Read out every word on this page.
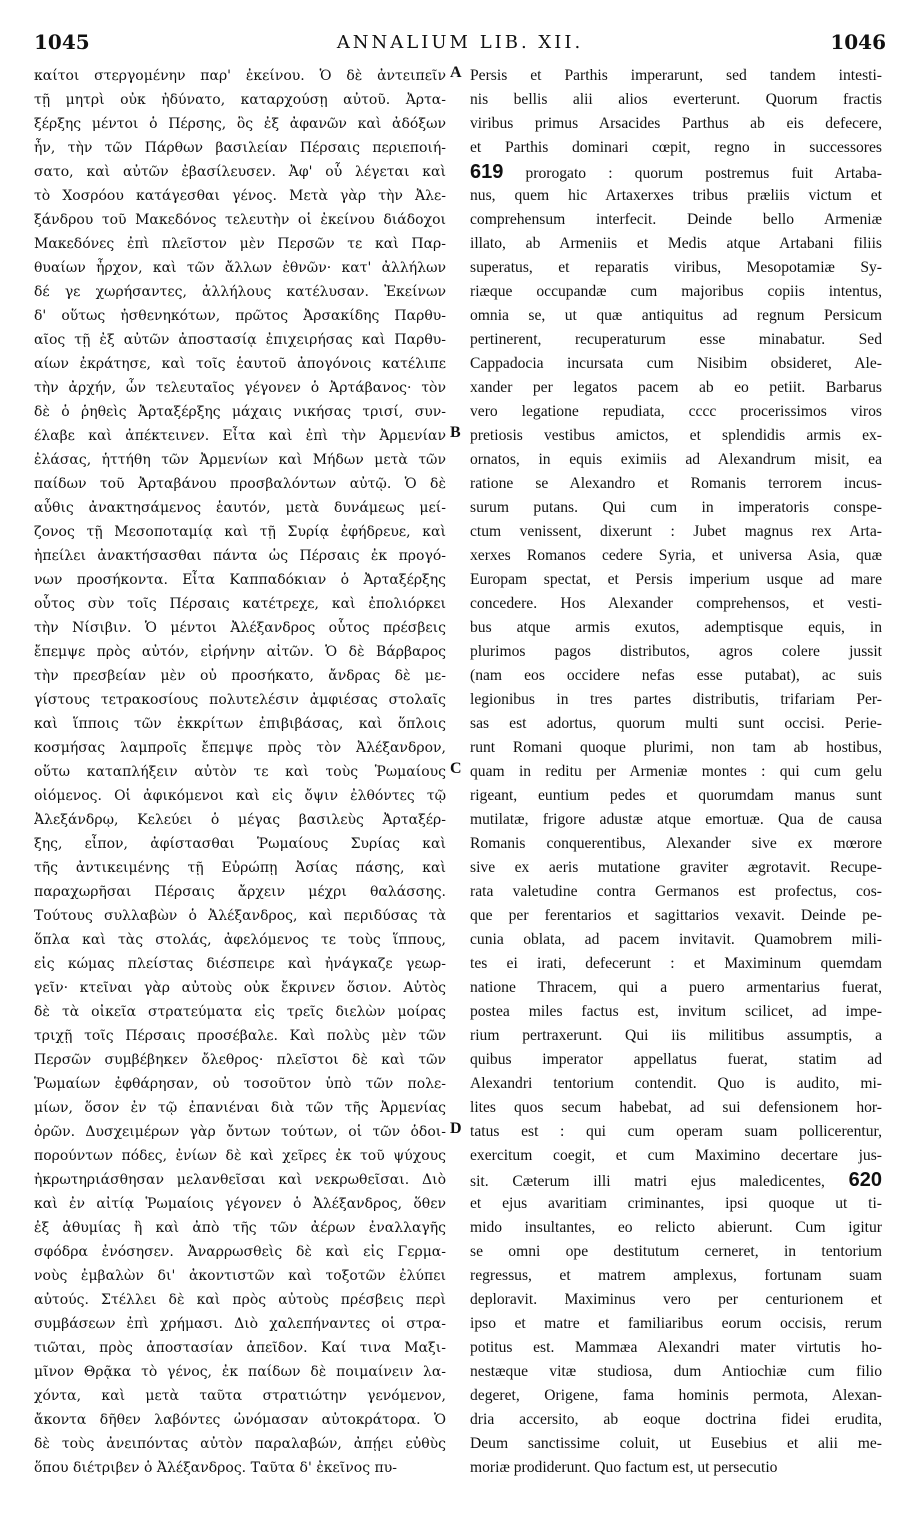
1045	ANNALIUM LIB. XII.	1046
καίτοι στεργομένην παρ' ἐκείνου. Ὁ δὲ ἀντειπεῖν
τῇ μητρὶ οὐκ ἠδύνατο, καταρχούσῃ αὐτοῦ. Ἀρτα-
ξέρξης μέντοι ὁ Πέρσης, ὃς ἐξ ἀφανῶν καὶ ἀδόξων
ἦν, τὴν τῶν Πάρθων βασιλείαν Πέρσαις περιεποιή-
σατο, καὶ αὐτῶν ἐβασίλευσεν. Ἀφ' οὗ λέγεται καὶ
τὸ Χοσρόου κατάγεσθαι γένος. Μετὰ γὰρ τὴν Ἀλε-
ξάνδρου τοῦ Μακεδόνος τελευτὴν οἱ ἐκείνου διάδοχοι
Μακεδόνες ἐπὶ πλεῖστον μὲν Περσῶν τε καὶ Παρ-
θυαίων ἦρχον, καὶ τῶν ἄλλων ἐθνῶν· κατ' ἀλλήλων
δέ γε χωρήσαντες, ἀλλήλους κατέλυσαν. Ἐκείνων
δ' οὕτως ἠσθενηκότων, πρῶτος Ἀρσακίδης Παρθυ-
αῖος τῇ ἐξ αὐτῶν ἀποστασίᾳ ἐπιχειρήσας καὶ Παρθυ-
αίων ἐκράτησε, καὶ τοῖς ἑαυτοῦ ἀπογόνοις κατέλιπε
τὴν ἀρχήν, ὧν τελευταῖος γέγονεν ὁ Ἀρτάβανος· τὸν
δὲ ὁ ῥηθεὶς Ἀρταξέρξης μάχαις νικήσας τρισί, συν-
έλαβε καὶ ἀπέκτεινεν. Εἶτα καὶ ἐπὶ τὴν Ἀρμενίαν
ἐλάσας, ἡττήθη τῶν Ἀρμενίων καὶ Μήδων μετὰ τῶν
παίδων τοῦ Ἀρταβάνου προσβαλόντων αὐτῷ. Ὁ δὲ
αὖθις ἀνακτησάμενος ἑαυτόν, μετὰ δυνάμεως μεί-
ζονος τῇ Μεσοποταμίᾳ καὶ τῇ Συρίᾳ ἐφήδρευε, καὶ
ἠπείλει ἀνακτήσασθαι πάντα ὡς Πέρσαις ἐκ προγό-
νων προσήκοντα. Εἶτα Καππαδόκιαν ὁ Ἀρταξέρξης
οὗτος σὺν τοῖς Πέρσαις κατέτρεχε, καὶ ἐπολιόρκει
τὴν Νίσιβιν. Ὁ μέντοι Ἀλέξανδρος οὗτος πρέσβεις
ἔπεμψε πρὸς αὐτόν, εἰρήνην αἰτῶν. Ὁ δὲ Βάρβαρος
τὴν πρεσβείαν μὲν οὐ προσήκατο, ἄνδρας δὲ με-
γίστους τετρακοσίους πολυτελέσιν ἀμφιέσας στολαῖς
καὶ ἵπποις τῶν ἐκκρίτων ἐπιβιβάσας, καὶ ὅπλοις
κοσμήσας λαμπροῖς ἔπεμψε πρὸς τὸν Ἀλέξανδρον,
οὕτω καταπλήξειν αὐτὸν τε καὶ τοὺς Ῥωμαίους
οἰόμενος. Οἱ ἀφικόμενοι καὶ εἰς ὄψιν ἐλθόντες τῷ
Ἀλεξάνδρῳ, Κελεύει ὁ μέγας βασιλεὺς Ἀρταξέρ-
ξης, εἶπον, ἀφίστασθαι Ῥωμαίους Συρίας καὶ
τῆς ἀντικειμένης τῇ Εὐρώπῃ Ἀσίας πάσης, καὶ
παραχωρῆσαι Πέρσαις ἄρχειν μέχρι θαλάσσης.
Τούτους συλλαβὼν ὁ Ἀλέξανδρος, καὶ περιδύσας τὰ
ὅπλα καὶ τὰς στολάς, ἀφελόμενος τε τοὺς ἵππους,
εἰς κώμας πλείστας διέσπειρε καὶ ἠνάγκαζε γεωρ-
γεῖν· κτεῖναι γὰρ αὐτοὺς οὐκ ἔκρινεν ὅσιον. Αὐτὸς
δὲ τὰ οἰκεῖα στρατεύματα εἰς τρεῖς διελὼν μοίρας
τριχῇ τοῖς Πέρσαις προσέβαλε. Καὶ πολὺς μὲν τῶν
Περσῶν συμβέβηκεν ὄλεθρος· πλεῖστοι δὲ καὶ τῶν
Ῥωμαίων ἐφθάρησαν, οὐ τοσοῦτον ὑπὸ τῶν πολε-
μίων, ὅσον ἐν τῷ ἐπανιέναι διὰ τῶν τῆς Ἀρμενίας
ὀρῶν. Δυσχειμέρων γὰρ ὄντων τούτων, οἱ τῶν ὁδοι-
πορούντων πόδες, ἐνίων δὲ καὶ χεῖρες ἐκ τοῦ ψύχους
ἠκρωτηριάσθησαν μελανθεῖσαι καὶ νεκρωθεῖσαι. Διὸ
καὶ ἐν αἰτίᾳ Ῥωμαίοις γέγονεν ὁ Ἀλέξανδρος, ὅθεν
ἐξ ἀθυμίας ἢ καὶ ἀπὸ τῆς τῶν ἀέρων ἐναλλαγῆς
σφόδρα ἐνόσησεν. Ἀναρρωσθεὶς δὲ καὶ εἰς Γερμα-
νοὺς ἐμβαλὼν δι' ἀκοντιστῶν καὶ τοξοτῶν ἐλύπει
αὐτούς. Στέλλει δὲ καὶ πρὸς αὐτοὺς πρέσβεις περὶ
συμβάσεων ἐπὶ χρήμασι. Διὸ χαλεπήναντες οἱ στρα-
τιῶται, πρὸς ἀποστασίαν ἀπεῖδον. Καί τινα Μαξι-
μῖνον Θρᾷκα τὸ γένος, ἐκ παίδων δὲ ποιμαίνειν λα-
χόντα, καὶ μετὰ ταῦτα στρατιώτην γενόμενον,
ἄκοντα δῆθεν λαβόντες ὠνόμασαν αὐτοκράτορα. Ὁ
δὲ τοὺς ἀνειπόντας αὐτὸν παραλαβών, ἀπῄει εὐθὺς
ὅπου διέτριβεν ὁ Ἀλέξανδρος. Ταῦτα δ' ἐκεῖνος πυ-
Persis et Parthis imperarunt, sed tandem intesti-
nis bellis alii alios everterunt. Quorum fractis
viribus primus Arsacides Parthus ab eis defecere,
et Parthis dominari cœpit, regno in successores
619 prorogato : quorum postremus fuit Artaba-
nus, quem hic Artaxerxes tribus præliis victum et
comprehensum interfecit. Deinde bello Armeniæ
illato, ab Armeniis et Medis atque Artabani filiis
superatus, et reparatis viribus, Mesopotamiæ Sy-
riæque occupandæ cum majoribus copiis intentus,
omnia se, ut quæ antiquitus ad regnum Persicum
pertinerent, recuperaturum esse minabatur. Sed
Cappadocia incursata cum Nisibim obsideret, Ale-
xander per legatos pacem ab eo petiit. Barbarus
vero legatione repudiata, cccc procerissimos viros
pretiosis vestibus amictos, et splendidis armis ex-
ornatos, in equis eximiis ad Alexandrum misit, ea
ratione se Alexandro et Romanis terrorem incus-
surum putans. Qui cum in imperatoris conspe-
ctum venissent, dixerunt : Jubet magnus rex Arta-
xerxes Romanos cedere Syria, et universa Asia, quæ
Europam spectat, et Persis imperium usque ad mare
concedere. Hos Alexander comprehensos, et vesti-
bus atque armis exutos, ademptisque equis, in
plurimos pagos distributos, agros colere jussit
(nam eos occidere nefas esse putabat), ac suis
legionibus in tres partes distributis, trifariam Per-
sas est adortus, quorum multi sunt occisi. Perie-
runt Romani quoque plurimi, non tam ab hostibus,
quam in reditu per Armeniæ montes : qui cum gelu
rigeant, euntium pedes et quorumdam manus sunt
mutilatæ, frigore adustæ atque emortuæ. Qua de causa
Romanis conquerentibus, Alexander sive ex mœrore
sive ex aeris mutatione graviter ægrotavit. Recupe-
rata valetudine contra Germanos est profectus, cos-
que per ferentarios et sagittarios vexavit. Deinde pe-
cunia oblata, ad pacem invitavit. Quamobrem mili-
tes ei irati, defecerunt : et Maximinum quemdam
natione Thracem, qui a puero armentarius fuerat,
postea miles factus est, invitum scilicet, ad impe-
rium pertraxerunt. Qui iis militibus assumptis, a
quibus imperator appellatus fuerat, statim ad
Alexandri tentorium contendit. Quo is audito, mi-
lites quos secum habebat, ad sui defensionem hor-
tatus est : qui cum operam suam pollicerentur,
exercitum coegit, et cum Maximino decertare jus-
sit. Cæterum illi matri ejus maledicentes, 620
et ejus avaritiam criminantes, ipsi quoque ut ti-
mido insultantes, eo relicto abierunt. Cum igitur
se omni ope destitutum cerneret, in tentorium
regressus, et matrem amplexus, fortunam suam
deploravit. Maximinus vero per centurionem et
ipso et matre et familiaribus eorum occisis, rerum
potitus est. Mammæa Alexandri mater virtutis ho-
nestæque vitæ studiosa, dum Antiochiæ cum filio
degeret, Origene, fama hominis permota, Alexan-
dria accersito, ab eoque doctrina fidei erudita,
Deum sanctissime coluit, ut Eusebius et alii me-
moriæ prodiderunt. Quo factum est, ut persecutio
A
B
C
D
